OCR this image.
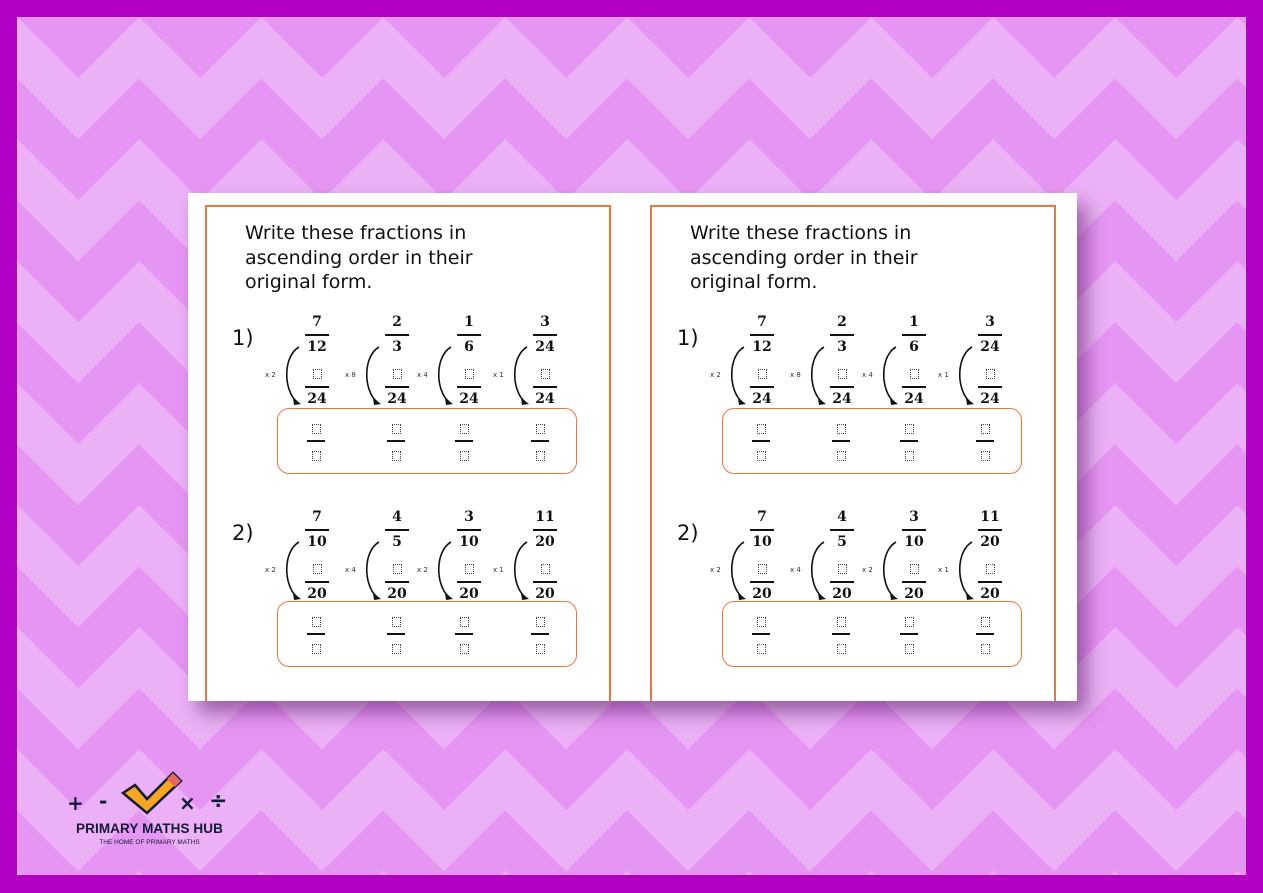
Write these fractions in
ascending order in their
original form.
1)
7
12
24
x 2
2
3
24
x 8
1
6
24
x 4
3
24
24
x 1
2)
7
10
20
x 2
4
5
20
x 4
3
10
20
x 2
11
20
20
x 1
Write these fractions in
ascending order in their
original form.
1)
7
12
24
x 2
2
3
24
x 8
1
6
24
x 4
3
24
24
x 1
2)
7
10
20
x 2
4
5
20
x 4
3
10
20
x 2
11
20
20
x 1
+ -	× ÷
PRIMARY MATHS HUB
THE HOME OF PRIMARY MATHS
